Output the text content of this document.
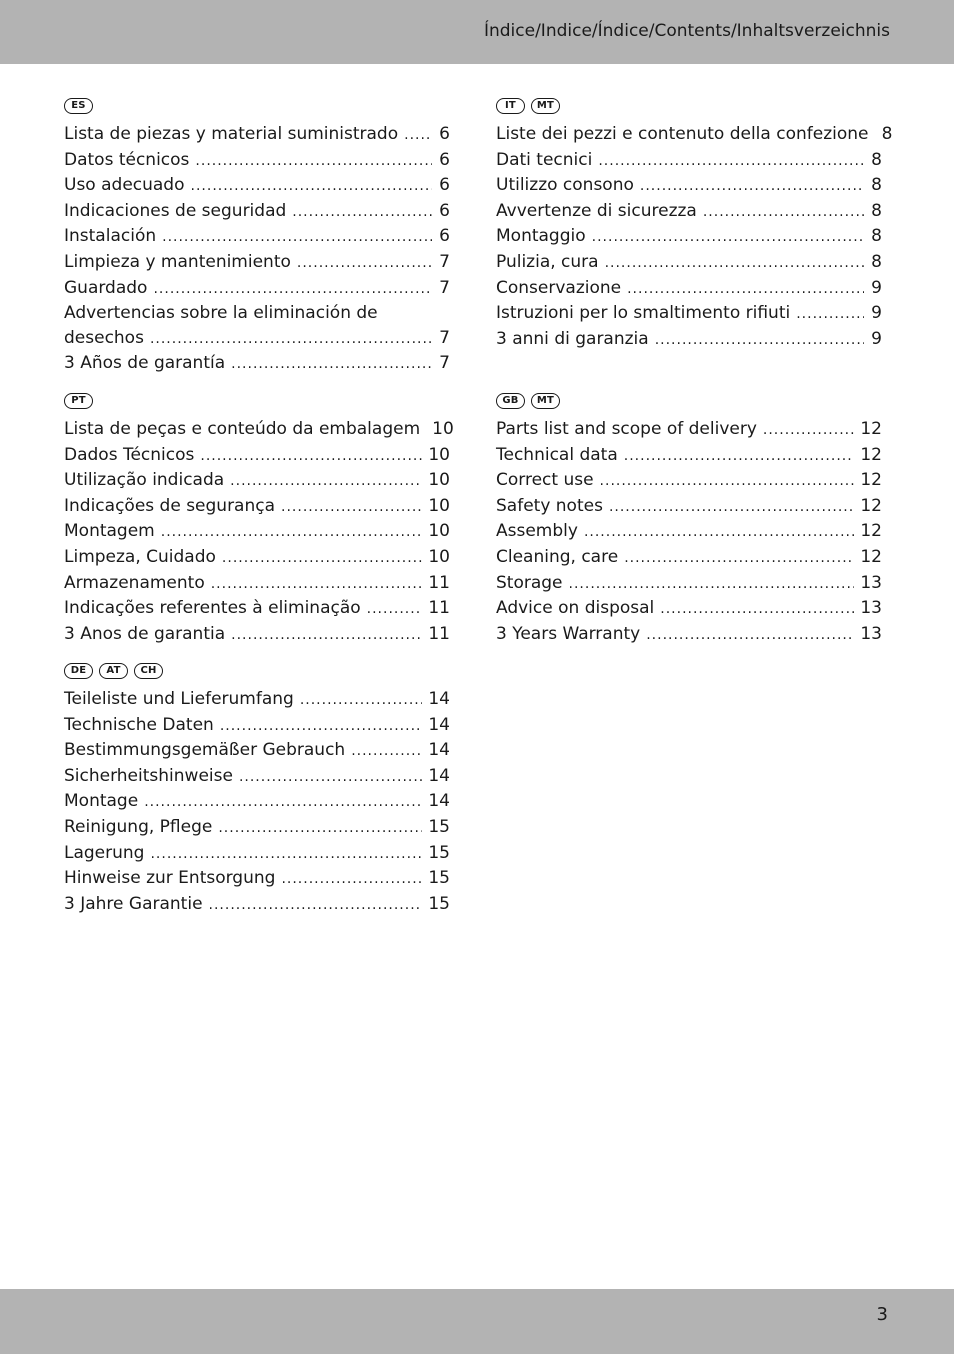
Índice/Indice/Índice/Contents/Inhaltsverzeichnis
ES
Lista de piezas y material suministrado ..... 6
Datos técnicos .....	6
Uso adecuado .....	6
Indicaciones de seguridad .....	6
Instalación .....	6
Limpieza y mantenimiento .....	7
Guardado .....	7
Advertencias sobre la eliminación de
desechos .....	7
3 Años de garantía .....	7
PT
Lista de peças e conteúdo da embalagem 10
Dados Técnicos .....	10
Utilização indicada .....	10
Indicações de segurança .....	10
Montagem .....	10
Limpeza, Cuidado .....	10
Armazenamento .....	11
Indicações referentes à eliminação .....	11
3 Anos de garantia .....	11
DE	AT	CH
Teileliste und Lieferumfang .....	14
Technische Daten .....	14
Bestimmungsgemäßer Gebrauch .....	14
Sicherheitshinweise .....	14
Montage .....	14
Reinigung, Pflege .....	15
Lagerung .....	15
Hinweise zur Entsorgung .....	15
3 Jahre Garantie .....	15
IT	MT
Liste dei pezzi e contenuto della confezione 8
Dati tecnici .....	8
Utilizzo consono .....	8
Avvertenze di sicurezza .....	8
Montaggio .....	8
Pulizia, cura .....	8
Conservazione .....	9
Istruzioni per lo smaltimento rifiuti .....	9
3 anni di garanzia .....	9
GB	MT
Parts list and scope of delivery .....	12
Technical data .....	12
Correct use .....	12
Safety notes .....	12
Assembly .....	12
Cleaning, care .....	12
Storage .....	13
Advice on disposal .....	13
3 Years Warranty .....	13
3
